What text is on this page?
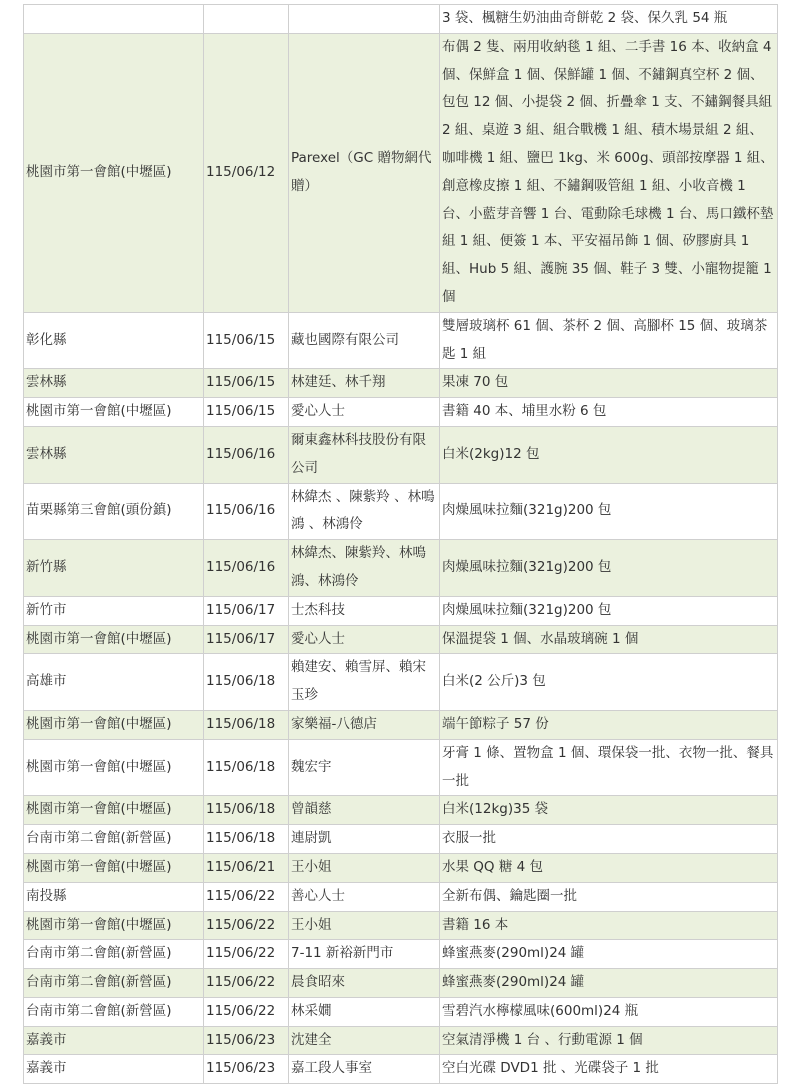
			3 袋、楓糖生奶油曲奇餅乾 2 袋、保久乳 54 瓶
桃園市第一會館(中壢區)	115/06/12	Parexel（GC 贈物網代贈）	布偶 2 隻、兩用收納毯 1 組、二手書 16 本、收納盒 4 個、保鮮盒 1 個、保鮮罐 1 個、不鏽鋼真空杯 2 個、包包 12 個、小提袋 2 個、折疊傘 1 支、不鏽鋼餐具組 2 組、桌遊 3 組、組合戰機 1 組、積木場景組 2 組、咖啡機 1 組、鹽巴 1kg、米 600g、頭部按摩器 1 組、創意橡皮擦 1 組、不鏽鋼吸管組 1 組、小收音機 1 台、小藍芽音響 1 台、電動除毛球機 1 台、馬口鐵杯墊組 1 組、便簽 1 本、平安福吊飾 1 個、矽膠廚具 1 組、Hub 5 組、護腕 35 個、鞋子 3 雙、小寵物提籠 1 個
彰化縣	115/06/15	藏也國際有限公司	雙層玻璃杯 61 個、茶杯 2 個、高腳杯 15 個、玻璃茶匙 1 組
雲林縣	115/06/15	林建廷、林千翔	果凍 70 包
桃園市第一會館(中壢區)	115/06/15	愛心人士	書籍 40 本、埔里水粉 6 包
雲林縣	115/06/16	爾東鑫林科技股份有限公司	白米(2kg)12 包
苗栗縣第三會館(頭份鎮)	115/06/16	林緯杰 、陳紫羚 、林鳴鴻 、林鴻伶	肉燥風味拉麵(321g)200 包
新竹縣	115/06/16	林緯杰、陳紫羚、林鳴鴻、林鴻伶	肉燥風味拉麵(321g)200 包
新竹市	115/06/17	士杰科技	肉燥風味拉麵(321g)200 包
桃園市第一會館(中壢區)	115/06/17	愛心人士	保溫提袋 1 個、水晶玻璃碗 1 個
高雄市	115/06/18	賴建安、賴雪屏、賴宋玉珍	白米(2 公斤)3 包
桃園市第一會館(中壢區)	115/06/18	家樂福-八德店	端午節粽子 57 份
桃園市第一會館(中壢區)	115/06/18	魏宏宇	牙膏 1 條、置物盒 1 個、環保袋一批、衣物一批、餐具一批
桃園市第一會館(中壢區)	115/06/18	曾韻慈	白米(12kg)35 袋
台南市第二會館(新營區)	115/06/18	連尉凱	衣服一批
桃園市第一會館(中壢區)	115/06/21	王小姐	水果 QQ 糖 4 包
南投縣	115/06/22	善心人士	全新布偶、鑰匙圈一批
桃園市第一會館(中壢區)	115/06/22	王小姐	書籍 16 本
台南市第二會館(新營區)	115/06/22	7-11 新裕新門市	蜂蜜燕麥(290ml)24 罐
台南市第二會館(新營區)	115/06/22	晨食昭來	蜂蜜燕麥(290ml)24 罐
台南市第二會館(新營區)	115/06/22	林采嫺	雪碧汽水檸檬風味(600ml)24 瓶
嘉義市	115/06/23	沈建全	空氣清淨機 1 台 、行動電源 1 個
嘉義市	115/06/23	嘉工段人事室	空白光碟 DVD1 批 、光碟袋子 1 批
